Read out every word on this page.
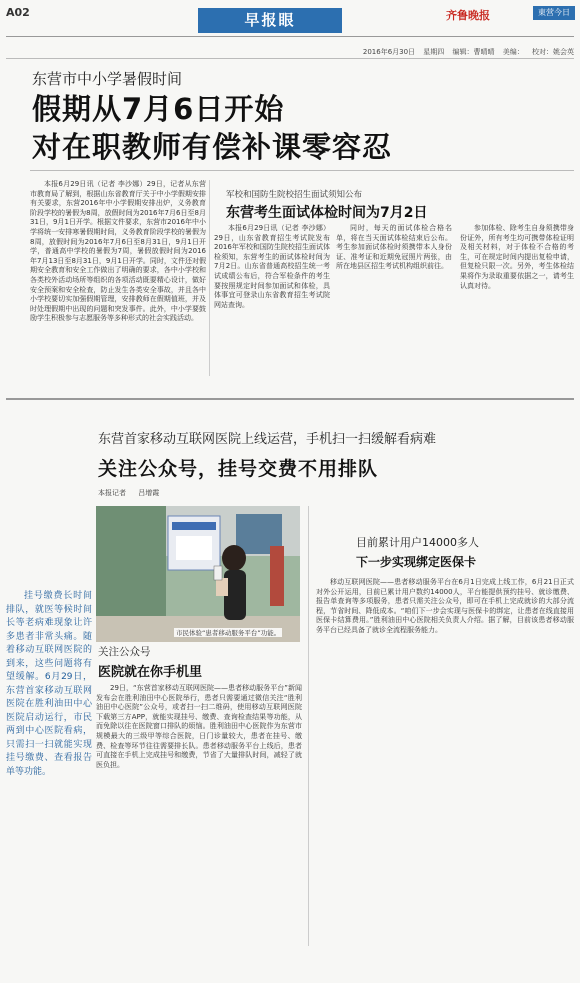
A02	早报眼	齐鲁晚报	東营今日
2016年6月30日 星期四 编辑：曹晴晴 美编： 校对：姚会英
东营市中小学暑假时间
假期从7月6日开始
对在职教师有偿补课零容忍

本报6月29日讯（记者 李沙娜）29日，记者从东营市教育局了解到，根据山东省教育厅关于中小学假期安排有关要求，东营2016年中小学假期安排出炉，义务教育阶段学校的暑假为8周，放假时间为2016年7月6日至8月31日，9月1日开学。根据文件要求，东营市2016年中小学将统一安排寒暑假期时间，义务教育阶段学校的暑假为8周，放假时间为2016年7月6日至8月31日，9月1日开学，普通高中学校的暑假为7周，暑假放假时间为2016年7月13日至8月31日，9月1日开学。同时，文件还对假期安全教育和安全工作做出了明确的要求，各中小学校和各类校外活动场所等组织的各项活动既要精心设计，做好安全预案和安全检查，防止发生各类安全事故，并且各中小学校要切实加强假期管理，安排教师在假期值班，并及时处理假期中出现的问题和突发事件。此外，中小学要鼓励学生积极参与志愿服务等多种形式的社会实践活动。

军校和国防生院校招生面试须知公布
东营考生面试体检时间为7月2日

本报6月29日讯（记者 李沙娜）29日，山东省教育招生考试院发布2016年军校和国防生院校招生面试体检须知，东营考生的面试体检时间为7月2日。山东省普通高校招生统一考试成绩公布后，符合军检条件的考生要按照规定时间参加面试和体检，具体事宜可登录山东省教育招生考试院网站查询。

同时，每天的面试体检合格名单，将在当天面试体检结束后公布。考生参加面试体检时须携带本人身份证、准考证和近期免冠照片两张，由所在地县区招生考试机构组织前往。

参加体检、除考生自身须携带身份证外，所有考生均可携带体检证明及相关材料，对于体检不合格的考生，可在规定时间内提出复检申请，但复检只限一次。另外，考生体检结果将作为录取重要依据之一，请考生认真对待。

东营首家移动互联网医院上线运营，手机扫一扫缓解看病难
关注公众号，挂号交费不用排队
本报记者 吕增霞
市民体验“患者移动服务平台”功能。

挂号缴费长时间排队，就医等候时间长等老病难现象让许多患者非常头痛。随着移动互联网医院的到来，这些问题将有望缓解。6月29日，东营首家移动互联网医院在胜利油田中心医院启动运行，市民两到中心医院看病，只需扫一扫就能实现挂号缴费、查看报告单等功能。

目前累计用户14000多人
下一步实现绑定医保卡

移动互联网医院——患者移动服务平台在6月1日完成上线工作，6月21日正式对外公开运用，目前已累计用户数约14000人，平台能提供预约挂号、就诊缴费、报告单查询等多项服务，患者只需关注公众号，即可在手机上完成就诊的大部分流程，节省时间、降低成本。“咱们下一步会实现与医保卡的绑定，让患者在线直接用医保卡结算费用。”胜利油田中心医院相关负责人介绍。据了解，目前该患者移动服务平台已经具备了就诊全流程服务能力。

关注公众号
医院就在你手机里

29日，“东营首家移动互联网医院——患者移动服务平台”新闻发布会在胜利油田中心医院举行，患者只需要通过微信关注“胜利油田中心医院”公众号，或者扫一扫二维码，使用移动互联网医院下载第三方APP，就能实现挂号、缴费、查询检查结果等功能，从而免除以往在医院窗口排队的烦恼。胜利油田中心医院作为东营市规模最大的三级甲等综合医院，日门诊量较大，患者在挂号、缴费、检查等环节往往需要排长队。患者移动服务平台上线后，患者可直接在手机上完成挂号和缴费，节省了大量排队时间，减轻了就医负担。
